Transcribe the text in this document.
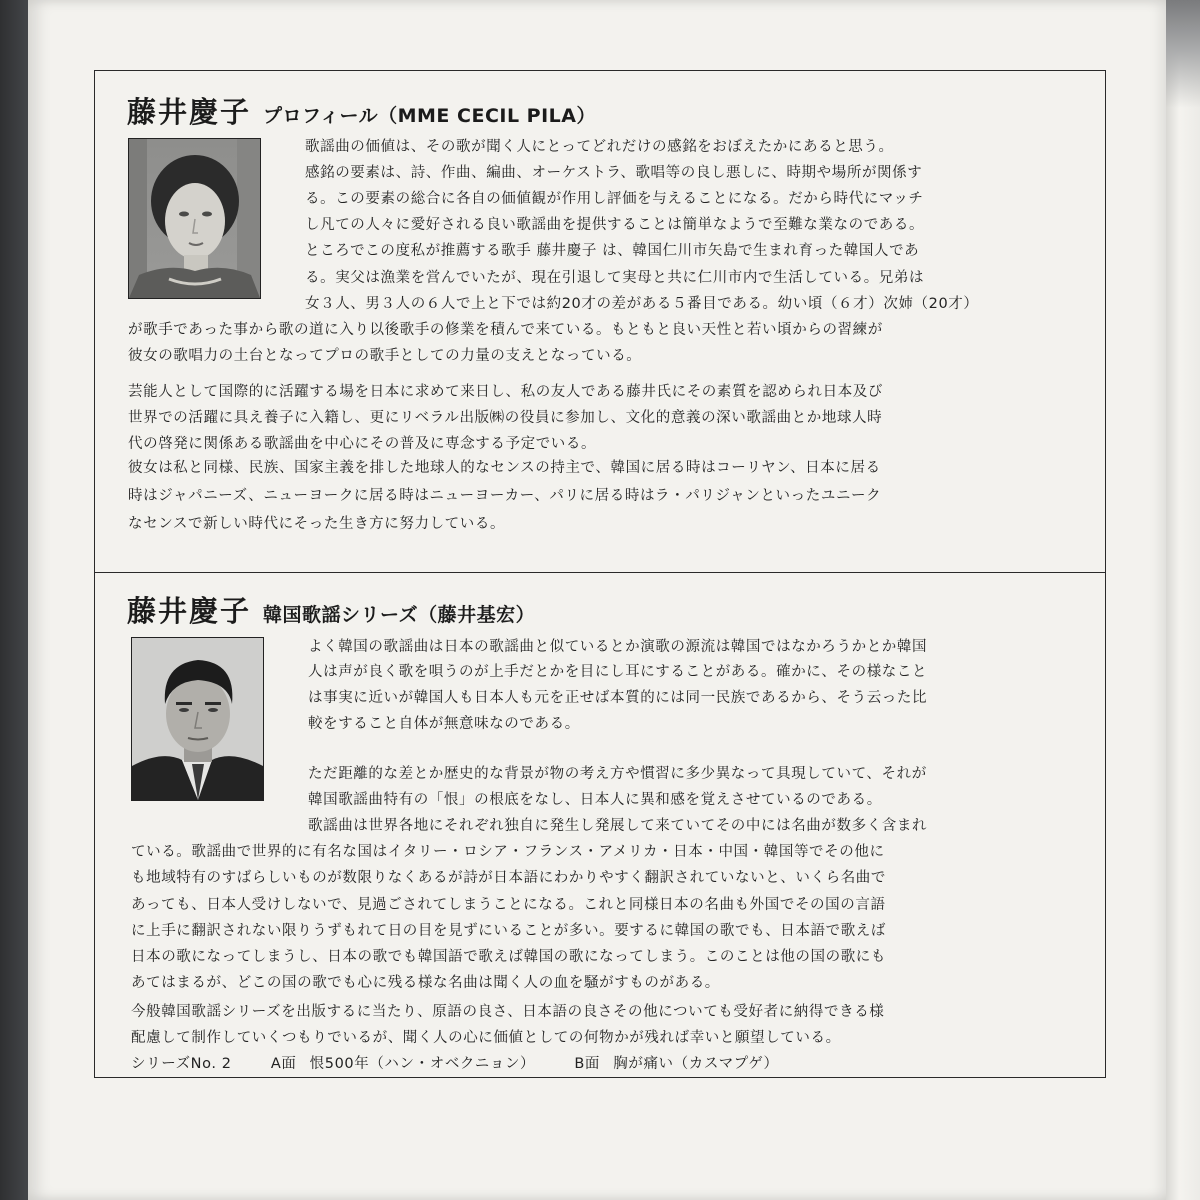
藤井慶子 プロフィール（MME CECIL PILA）
歌謡曲の価値は、その歌が聞く人にとってどれだけの感銘をおぼえたかにあると思う。
感銘の要素は、詩、作曲、編曲、オーケストラ、歌唱等の良し悪しに、時期や場所が関係す
る。この要素の総合に各自の価値観が作用し評価を与えることになる。だから時代にマッチ
し凡ての人々に愛好される良い歌謡曲を提供することは簡単なようで至難な業なのである。
ところでこの度私が推薦する歌手 藤井慶子 は、韓国仁川市矢島で生まれ育った韓国人であ
る。実父は漁業を営んでいたが、現在引退して実母と共に仁川市内で生活している。兄弟は
女３人、男３人の６人で上と下では約20才の差がある５番目である。幼い頃（６才）次姉（20才）
が歌手であった事から歌の道に入り以後歌手の修業を積んで来ている。もともと良い天性と若い頃からの習練が
彼女の歌唱力の土台となってプロの歌手としての力量の支えとなっている。
芸能人として国際的に活躍する場を日本に求めて来日し、私の友人である藤井氏にその素質を認められ日本及び
世界での活躍に具え養子に入籍し、更にリベラル出版㈱の役員に参加し、文化的意義の深い歌謡曲とか地球人時
代の啓発に関係ある歌謡曲を中心にその普及に専念する予定でいる。
彼女は私と同様、民族、国家主義を排した地球人的なセンスの持主で、韓国に居る時はコーリヤン、日本に居る
時はジャパニーズ、ニューヨークに居る時はニューヨーカー、パリに居る時はラ・パリジャンといったユニーク
なセンスで新しい時代にそった生き方に努力している。
藤井慶子 韓国歌謡シリーズ（藤井基宏）
よく韓国の歌謡曲は日本の歌謡曲と似ているとか演歌の源流は韓国ではなかろうかとか韓国
人は声が良く歌を唄うのが上手だとかを目にし耳にすることがある。確かに、その様なこと
は事実に近いが韓国人も日本人も元を正せば本質的には同一民族であるから、そう云った比
較をすること自体が無意味なのである。
ただ距離的な差とか歴史的な背景が物の考え方や慣習に多少異なって具現していて、それが
韓国歌謡曲特有の「恨」の根底をなし、日本人に異和感を覚えさせているのである。
歌謡曲は世界各地にそれぞれ独自に発生し発展して来ていてその中には名曲が数多く含まれ
ている。歌謡曲で世界的に有名な国はイタリー・ロシア・フランス・アメリカ・日本・中国・韓国等でその他に
も地域特有のすばらしいものが数限りなくあるが詩が日本語にわかりやすく翻訳されていないと、いくら名曲で
あっても、日本人受けしないで、見過ごされてしまうことになる。これと同様日本の名曲も外国でその国の言語
に上手に翻訳されない限りうずもれて日の目を見ずにいることが多い。要するに韓国の歌でも、日本語で歌えば
日本の歌になってしまうし、日本の歌でも韓国語で歌えば韓国の歌になってしまう。このことは他の国の歌にも
あてはまるが、どこの国の歌でも心に残る様な名曲は聞く人の血を騒がすものがある。
今般韓国歌謡シリーズを出版するに当たり、原語の良さ、日本語の良さその他についても受好者に納得できる様
配慮して制作していくつもりでいるが、聞く人の心に価値としての何物かが残れば幸いと願望している。
シリーズNo. 2	A面 恨500年（ハン・オベクニョン）	B面 胸が痛い（カスマプゲ）
